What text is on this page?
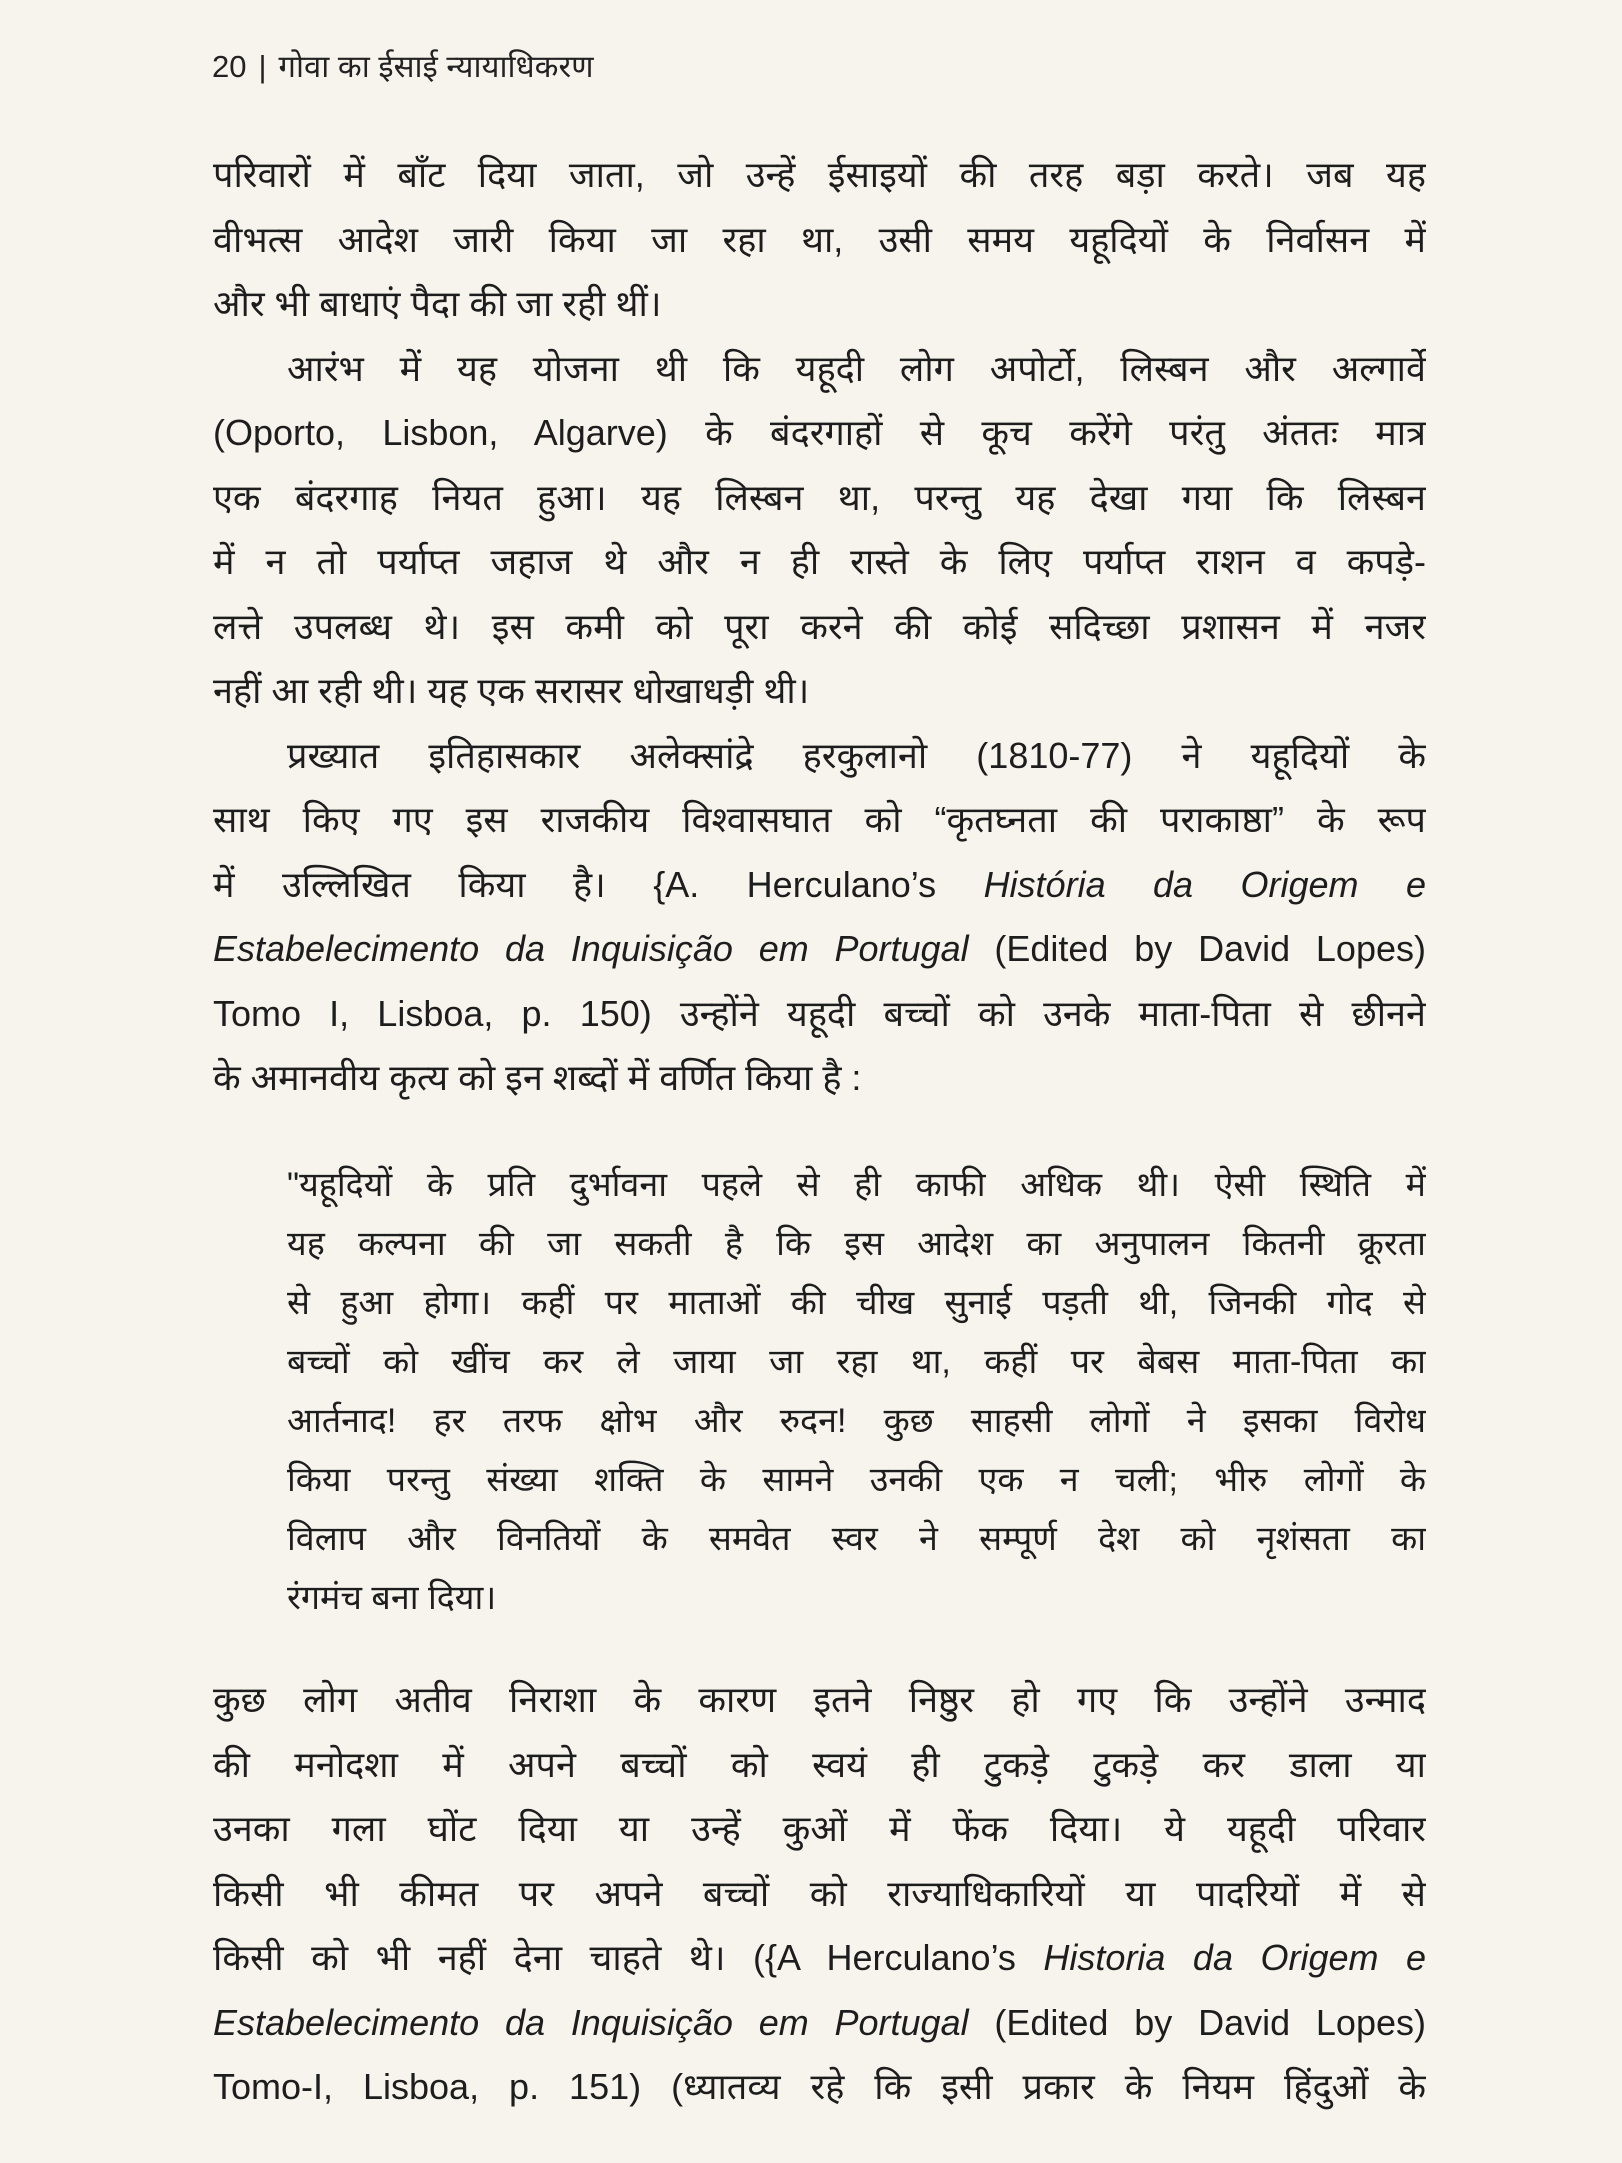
20 | गोवा का ईसाई न्यायाधिकरण
परिवारों में बाँट दिया जाता, जो उन्हें ईसाइयों की तरह बड़ा करते। जब यह
वीभत्स आदेश जारी किया जा रहा था, उसी समय यहूदियों के निर्वासन में
और भी बाधाएं पैदा की जा रही थीं।
आरंभ में यह योजना थी कि यहूदी लोग अपोर्टो, लिस्बन और अल्गार्वे
(Oporto, Lisbon, Algarve) के बंदरगाहों से कूच करेंगे परंतु अंततः मात्र
एक बंदरगाह नियत हुआ। यह लिस्बन था, परन्तु यह देखा गया कि लिस्बन
में न तो पर्याप्त जहाज थे और न ही रास्ते के लिए पर्याप्त राशन व कपड़े-
लत्ते उपलब्ध थे। इस कमी को पूरा करने की कोई सदिच्छा प्रशासन में नजर
नहीं आ रही थी। यह एक सरासर धोखाधड़ी थी।
प्रख्यात इतिहासकार अलेक्सांद्रे हरकुलानो (1810-77) ने यहूदियों के
साथ किए गए इस राजकीय विश्वासघात को “कृतघ्नता की पराकाष्ठा” के रूप
में उल्लिखित किया है। {A. Herculano’s História da Origem e
Estabelecimento da Inquisição em Portugal (Edited by David Lopes)
Tomo I, Lisboa, p. 150) उन्होंने यहूदी बच्चों को उनके माता-पिता से छीनने
के अमानवीय कृत्य को इन शब्दों में वर्णित किया है :
"यहूदियों के प्रति दुर्भावना पहले से ही काफी अधिक थी। ऐसी स्थिति में
यह कल्पना की जा सकती है कि इस आदेश का अनुपालन कितनी क्रूरता
से हुआ होगा। कहीं पर माताओं की चीख सुनाई पड़ती थी, जिनकी गोद से
बच्चों को खींच कर ले जाया जा रहा था, कहीं पर बेबस माता-पिता का
आर्तनाद! हर तरफ क्षोभ और रुदन! कुछ साहसी लोगों ने इसका विरोध
किया परन्तु संख्या शक्ति के सामने उनकी एक न चली; भीरु लोगों के
विलाप और विनतियों के समवेत स्वर ने सम्पूर्ण देश को नृशंसता का
रंगमंच बना दिया।
कुछ लोग अतीव निराशा के कारण इतने निष्ठुर हो गए कि उन्होंने उन्माद
की मनोदशा में अपने बच्चों को स्वयं ही टुकड़े टुकड़े कर डाला या
उनका गला घोंट दिया या उन्हें कुओं में फेंक दिया। ये यहूदी परिवार
किसी भी कीमत पर अपने बच्चों को राज्याधिकारियों या पादरियों में से
किसी को भी नहीं देना चाहते थे। ({A Herculano’s Historia da Origem e
Estabelecimento da Inquisição em Portugal (Edited by David Lopes)
Tomo-I, Lisboa, p. 151) (ध्यातव्य रहे कि इसी प्रकार के नियम हिंदुओं के
